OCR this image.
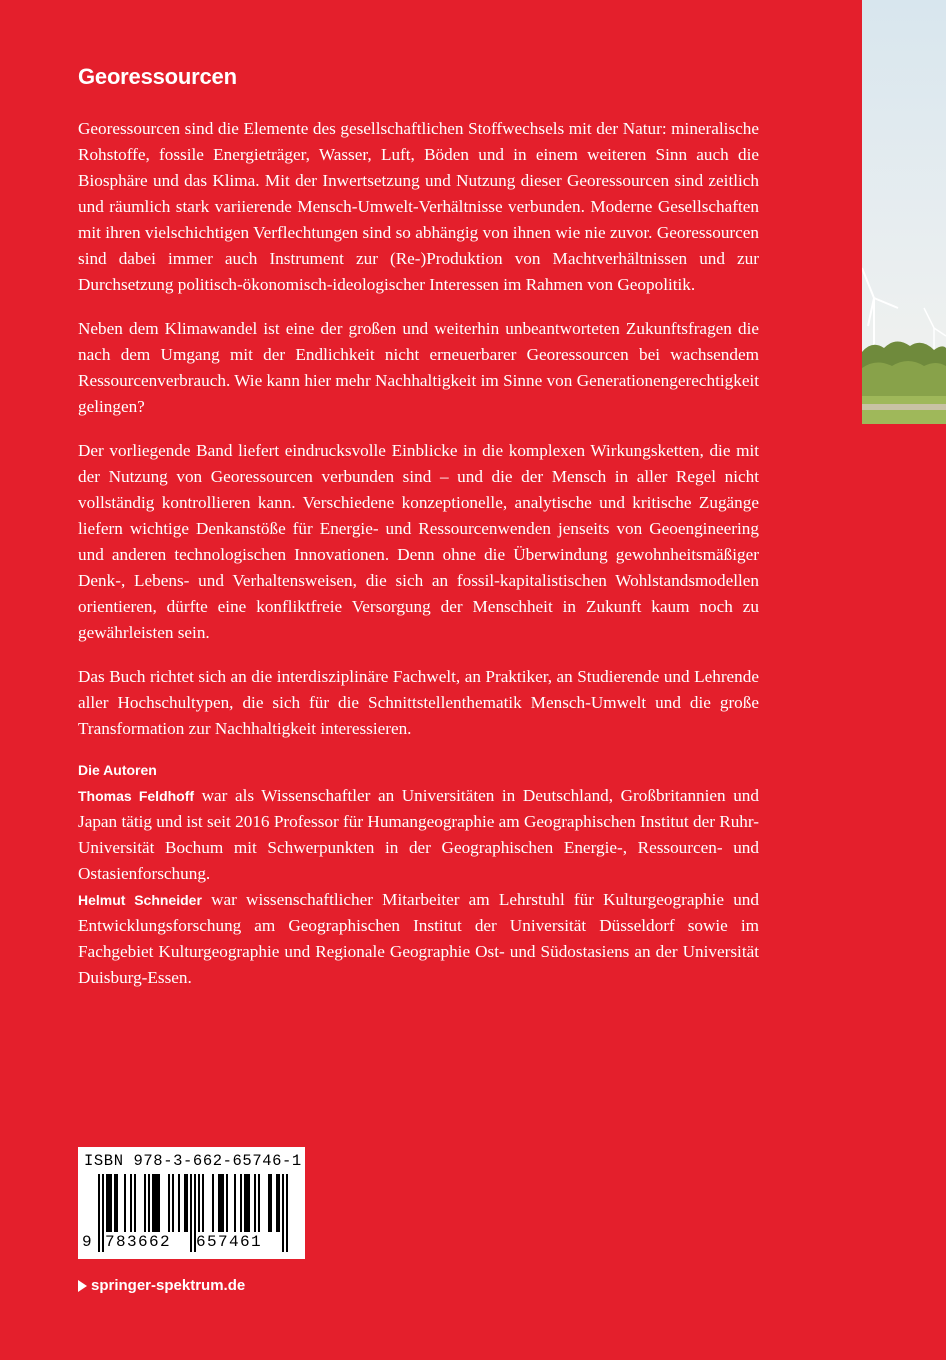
Georessourcen

Georessourcen sind die Elemente des gesellschaftlichen Stoffwechsels mit der Natur: mineralische Rohstoffe, fossile Energieträger, Wasser, Luft, Böden und in einem weiteren Sinn auch die Biosphäre und das Klima. Mit der Inwertsetzung und Nutzung dieser Georessourcen sind zeitlich und räumlich stark variierende Mensch-Umwelt-Verhältnisse verbunden. Moderne Gesellschaften mit ihren vielschichtigen Verflechtungen sind so abhängig von ihnen wie nie zuvor. Georessourcen sind dabei immer auch Instrument zur (Re-)Produktion von Machtverhältnissen und zur Durchsetzung politisch-ökonomisch-ideologischer Interessen im Rahmen von Geopolitik.

Neben dem Klimawandel ist eine der großen und weiterhin unbeantworteten Zukunftsfragen die nach dem Umgang mit der Endlichkeit nicht erneuerbarer Georessourcen bei wachsendem Ressourcenverbrauch. Wie kann hier mehr Nachhaltigkeit im Sinne von Generationengerechtigkeit gelingen?

Der vorliegende Band liefert eindrucksvolle Einblicke in die komplexen Wirkungsketten, die mit der Nutzung von Georessourcen verbunden sind – und die der Mensch in aller Regel nicht vollständig kontrollieren kann. Verschiedene konzeptionelle, analytische und kritische Zugänge liefern wichtige Denkanstöße für Energie- und Ressourcenwenden jenseits von Geoengineering und anderen technologischen Innovationen. Denn ohne die Überwindung gewohnheitsmäßiger Denk-, Lebens- und Verhaltensweisen, die sich an fossil-kapitalistischen Wohlstandsmodellen orientieren, dürfte eine konfliktfreie Versorgung der Menschheit in Zukunft kaum noch zu gewährleisten sein.

Das Buch richtet sich an die interdisziplinäre Fachwelt, an Praktiker, an Studierende und Lehrende aller Hochschultypen, die sich für die Schnittstellenthematik Mensch-Umwelt und die große Transformation zur Nachhaltigkeit interessieren.

Die Autoren

Thomas Feldhoff war als Wissenschaftler an Universitäten in Deutschland, Großbritannien und Japan tätig und ist seit 2016 Professor für Humangeographie am Geographischen Institut der Ruhr-Universität Bochum mit Schwerpunkten in der Geographischen Energie-, Ressourcen- und Ostasienforschung.

Helmut Schneider war wissenschaftlicher Mitarbeiter am Lehrstuhl für Kulturgeographie und Entwicklungsforschung am Geographischen Institut der Universität Düsseldorf sowie im Fachgebiet Kulturgeographie und Regionale Geographie Ost- und Südostasiens an der Universität Duisburg-Essen.

ISBN 978-3-662-65746-1
9 783662 657461
springer-spektrum.de
